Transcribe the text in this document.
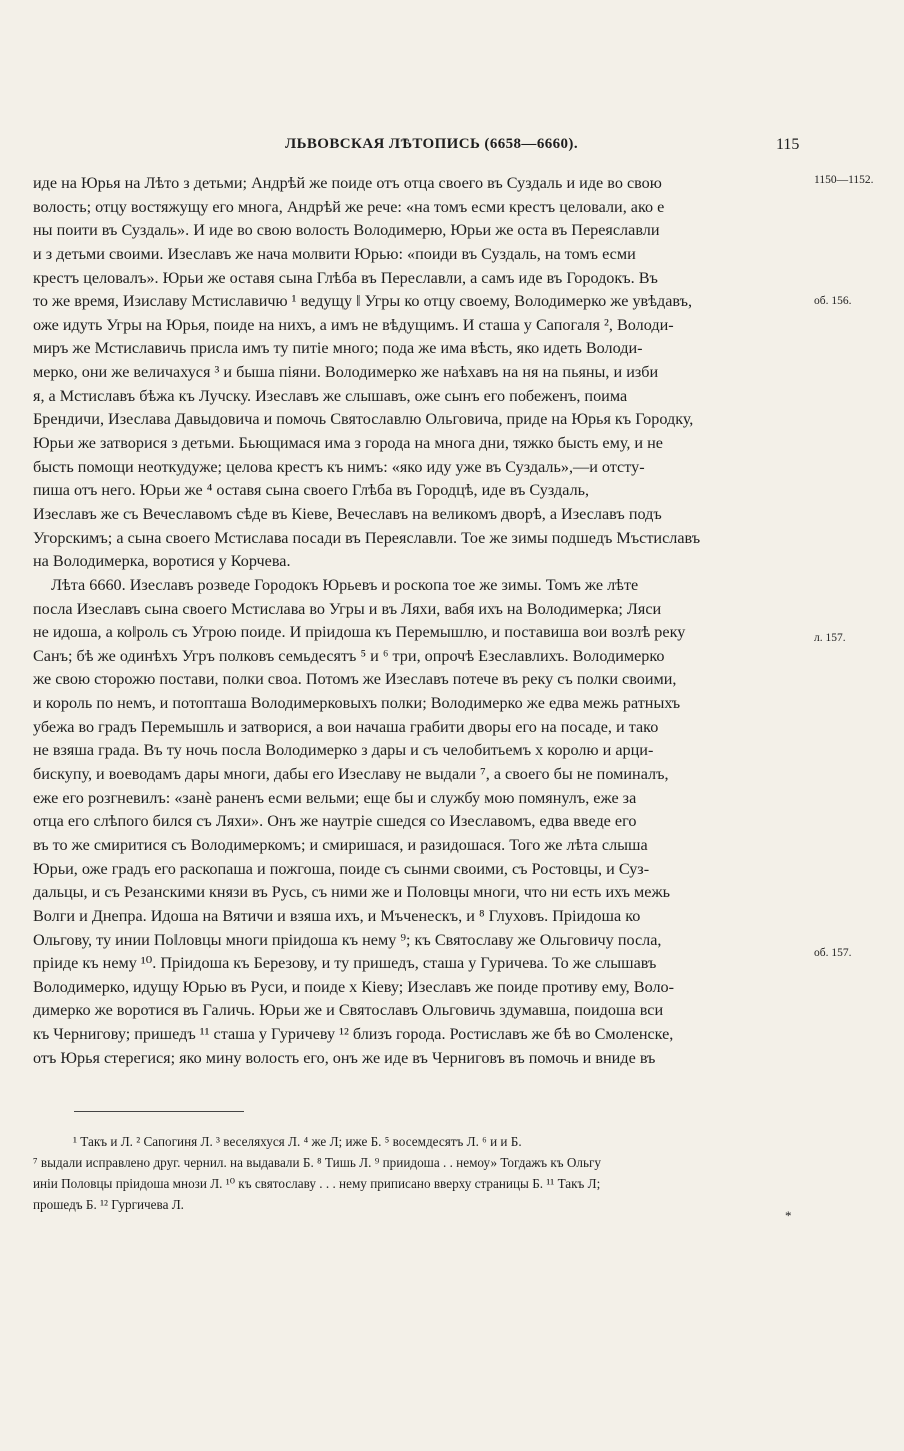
ЛЬВОВСКАЯ ЛѢТОПИСЬ (6658—6660).	115
1150—1152.
об. 156.
л. 157.
об. 157.
иде на Юрья на Лѣто з детьми; Андрѣй же поиде отъ отца своего въ Суздаль и иде во свою
волость; отцу востяжущу его многа, Андрѣй же рече: «на томъ есми крестъ целовали, ако е
ны поити въ Суздаль». И иде во свою волость Володимерю, Юрьи же оста въ Переяславли
и з детьми своими. Изеславъ же нача молвити Юрью: «поиди въ Суздаль, на томъ есми
крестъ целовалъ». Юрьи же оставя сына Глѣба въ Переславли, а самъ иде въ Городокъ. Въ
то же время, Изиславу Мстиславичю ¹ ведущу ‖ Угры ко отцу своему, Володимерко же увѣдавъ,
оже идуть Угры на Юрья, поиде на нихъ, а имъ не вѣдущимъ. И сташа у Сапогаля ², Володи-
миръ же Мстиславичь присла имъ ту питіе много; пода же има вѣсть, яко идеть Володи-
мерко, они же величахуся ³ и быша піяни. Володимерко же наѣхавъ на ня на пьяны, и изби
я, а Мстиславъ бѣжа къ Лучску. Изеславъ же слышавъ, оже сынъ его побеженъ, поима
Брендичи, Изеслава Давыдовича и помочь Святославлю Ольговича, приде на Юрья къ Городку,
Юрьи же затворися з детьми. Бьющимася има з города на многа дни, тяжко бысть ему, и не
бысть помощи неоткудуже; целова крестъ къ нимъ: «яко иду уже въ Суздаль»,—и отсту-
пиша отъ него. Юрьи же ⁴ оставя сына своего Глѣба въ Городцѣ, иде въ Суздаль,
Изеславъ же съ Вечеславомъ сѣде въ Кіеве, Вечеславъ на великомъ дворѣ, а Изеславъ подъ
Угорскимъ; а сына своего Мстислава посади въ Переяславли. Тое же зимы подшедъ Мъстиславъ
на Володимерка, воротися у Корчева.
Лѣта 6660. Изеславъ розведе Городокъ Юрьевъ и роскопа тое же зимы. Томъ же лѣте
посла Изеславъ сына своего Мстислава во Угры и въ Ляхи, вабя ихъ на Володимерка; Ляси
не идоша, а ко‖роль съ Угрою поиде. И пріидоша къ Перемышлю, и поставиша вои возлѣ реку
Санъ; бѣ же одинѣхъ Угръ полковъ семьдесятъ ⁵ и ⁶ три, опрочѣ Езеславлихъ. Володимерко
же свою сторожю постави, полки своа. Потомъ же Изеславъ потече въ реку съ полки своими,
и король по немъ, и потопташа Володимерковыхъ полки; Володимерко же едва межь ратныхъ
убежа во градъ Перемышль и затворися, а вои начаша грабити дворы его на посаде, и тако
не взяша града. Въ ту ночь посла Володимерко з дары и съ челобитьемъ х королю и арци-
бискупу, и воеводамъ дары многи, дабы его Изеславу не выдали ⁷, а своего бы не поминалъ,
еже его розгневилъ: «занѐ раненъ есми вельми; еще бы и службу мою помянулъ, еже за
отца его слѣпого бился съ Ляхи». Онъ же наутріе сшедся со Изеславомъ, едва введе его
въ то же смиритися съ Володимеркомъ; и смиришася, и разидошася. Того же лѣта слыша
Юрьи, оже градъ его раскопаша и пожгоша, поиде съ сынми своими, съ Ростовцы, и Суз-
дальцы, и съ Резанскими князи въ Русь, съ ними же и Половцы многи, что ни есть ихъ межь
Волги и Днепра. Идоша на Вятичи и взяша ихъ, и Мъченескъ, и ⁸ Глуховъ. Пріидоша ко
Ольгову, ту инии По‖ловцы многи пріидоша къ нему ⁹; къ Святославу же Ольговичу посла,
пріиде къ нему ¹⁰. Пріидоша къ Березову, и ту пришедъ, сташа у Гуричева. То же слышавъ
Володимерко, идущу Юрью въ Руси, и поиде х Кіеву; Изеславъ же поиде противу ему, Воло-
димерко же воротися въ Галичь. Юрьи же и Святославъ Ольговичь здумавша, поидоша вси
къ Чернигову; пришедъ ¹¹ сташа у Гуричеву ¹² близъ города. Ростиславъ же бѣ во Смоленске,
отъ Юрья стерегися; яко мину волость его, онъ же иде въ Черниговъ въ помочь и вниде въ
¹ Такъ и Л. ² Сапогиня Л. ³ веселяхуся Л. ⁴ же Л; иже Б. ⁵ восемдесятъ Л. ⁶ и и Б.
⁷ выдали исправлено друг. чернил. на выдавали Б. ⁸ Тишь Л. ⁹ приидоша . . немоу» Тогдажъ къ Ольгу
иніи Половцы пріидоша мнози Л. ¹⁰ къ святославу . . . нему приписано вверху страницы Б. ¹¹ Такъ Л;
прошедъ Б. ¹² Гургичева Л.
*
